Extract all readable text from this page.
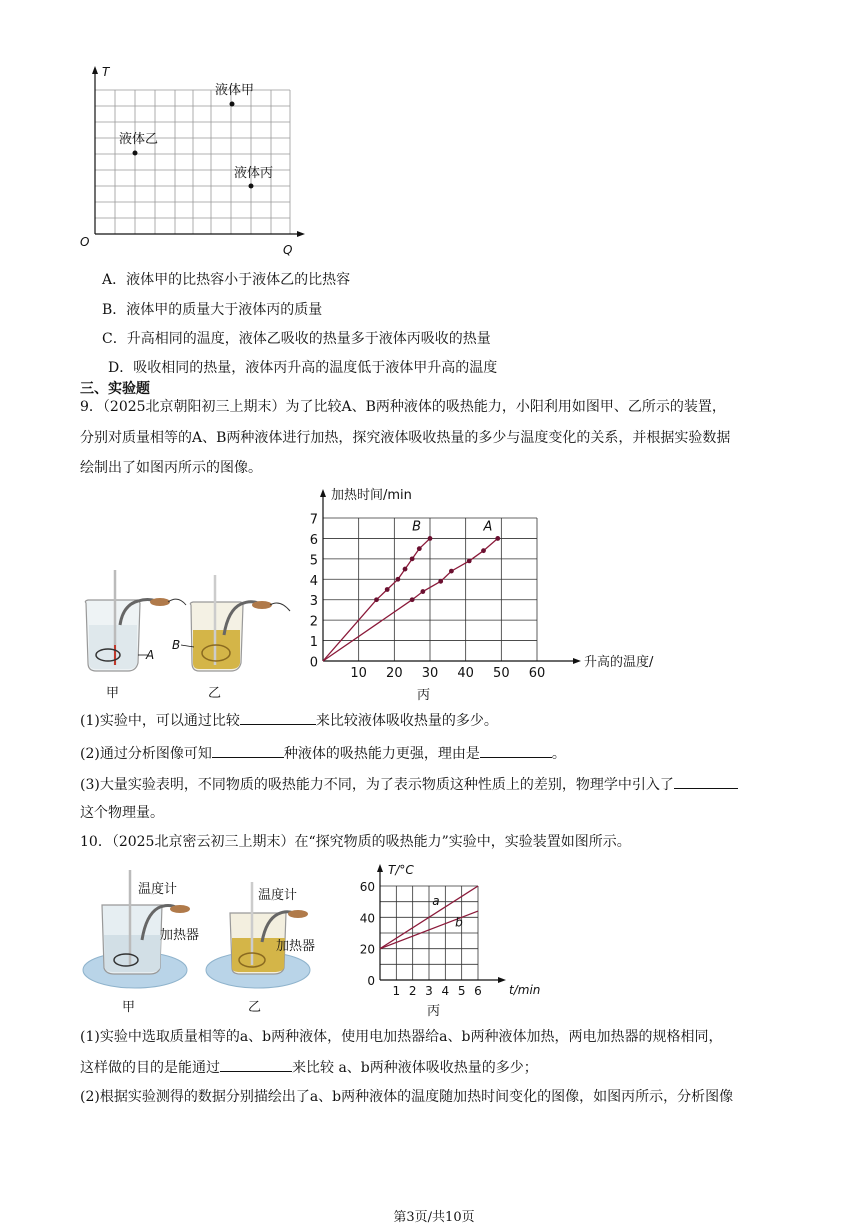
T
Q
O
液体甲
液体乙
液体丙
A．液体甲的比热容小于液体乙的比热容
B．液体甲的质量大于液体丙的质量
C．升高相同的温度，液体乙吸收的热量多于液体丙吸收的热量
D．吸收相同的热量，液体丙升高的温度低于液体甲升高的温度
三、实验题
9．（2025北京朝阳初三上期末）为了比较A、B两种液体的吸热能力，小阳利用如图甲、乙所示的装置，
分别对质量相等的A、B两种液体进行加热，探究液体吸收热量的多少与温度变化的关系，并根据实验数据
绘制出了如图丙所示的图像。
A
B
甲	乙
10 20 30 40 50 60
0
1
2
3
4
5
6
7
加热时间/min
升高的温度/
B	A
丙
(1)实验中，可以通过比较	来比较液体吸收热量的多少。
(2)通过分析图像可知	种液体的吸热能力更强，理由是	。
(3)大量实验表明，不同物质的吸热能力不同，为了表示物质这种性质上的差别，物理学中引入了
这个物理量。
10．（2025北京密云初三上期末）在“探究物质的吸热能力”实验中，实验装置如图所示。
温度计
加热器
温度计
加热器
甲	乙
1 2 3 4 5 6
0
20
40
60
T/°C
t/min
a
b
丙
(1)实验中选取质量相等的a、b两种液体，使用电加热器给a、b两种液体加热，两电加热器的规格相同，
这样做的目的是能通过	来比较 a、b两种液体吸收热量的多少；
(2)根据实验测得的数据分别描绘出了a、b两种液体的温度随加热时间变化的图像，如图丙所示，分析图像
第3页/共10页
